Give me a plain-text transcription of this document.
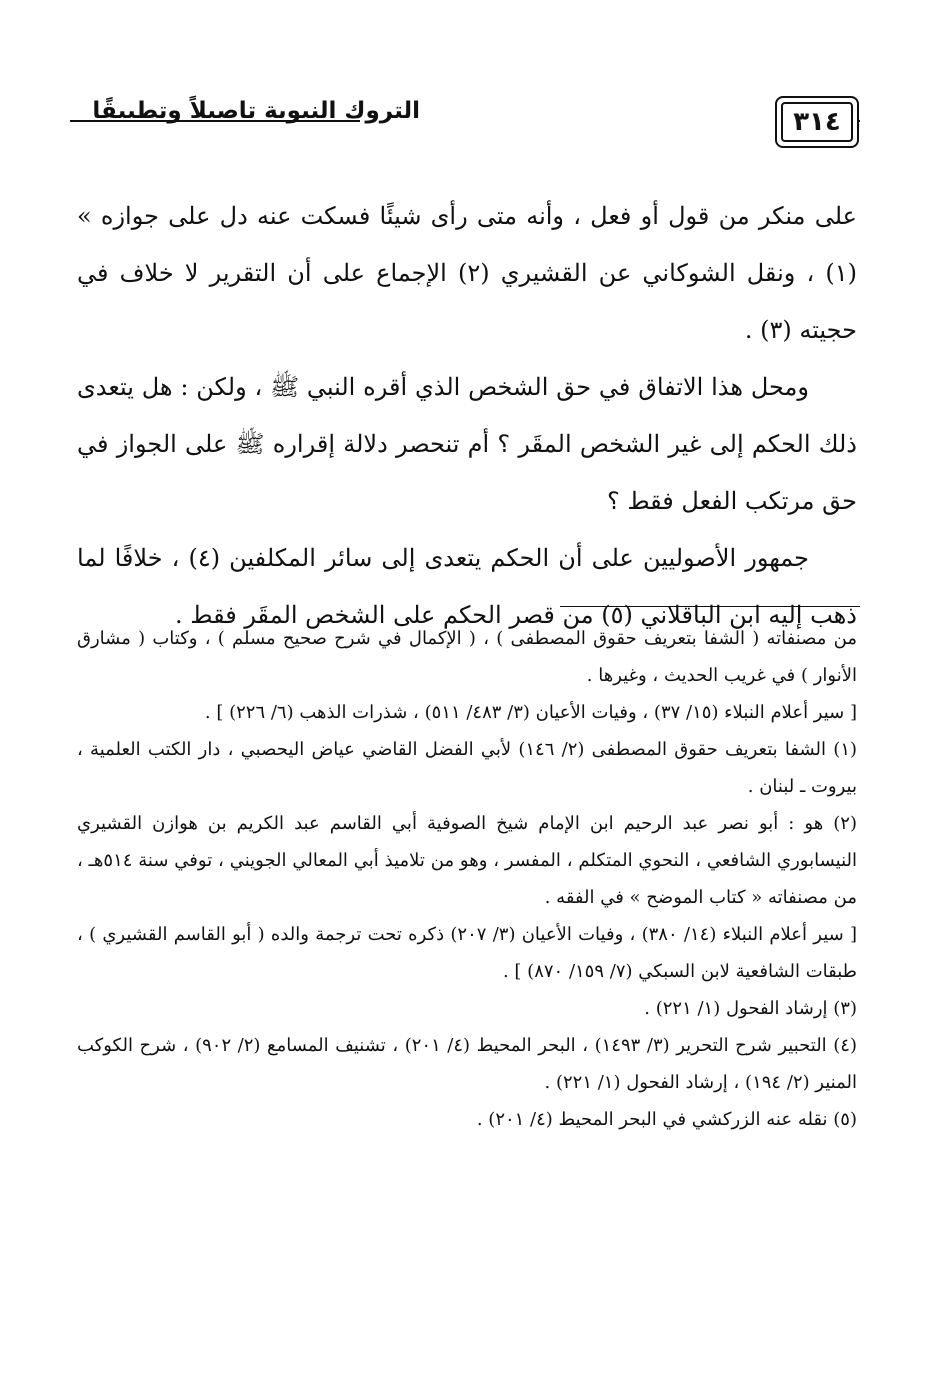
٣١٤
التروك النبوية تاصيلاً وتطبيقًا

على منكر من قول أو فعل ، وأنه متى رأى شيئًا فسكت عنه دل على جوازه » (١) ، ونقل الشوكاني عن القشيري (٢) الإجماع على أن التقرير لا خلاف في حجيته (٣) .

ومحل هذا الاتفاق في حق الشخص الذي أقره النبي ﷺ ، ولكن : هل يتعدى ذلك الحكم إلى غير الشخص المقَر ؟ أم تنحصر دلالة إقراره ﷺ على الجواز في حق مرتكب الفعل فقط ؟

جمهور الأصوليين على أن الحكم يتعدى إلى سائر المكلفين (٤) ، خلافًا لما ذهب إليه ابن الباقلاني (٥) من قصر الحكم على الشخص المقَر فقط .

من مصنفاته ( الشفا بتعريف حقوق المصطفى ) ، ( الإكمال في شرح صحيح مسلم ) ، وكتاب ( مشارق الأنوار ) في غريب الحديث ، وغيرها .

[ سير أعلام النبلاء (١٥/ ٣٧) ، وفيات الأعيان (٣/ ٤٨٣/ ٥١١) ، شذرات الذهب (٦/ ٢٢٦) ] .

(١) الشفا بتعريف حقوق المصطفى (٢/ ١٤٦) لأبي الفضل القاضي عياض اليحصبي ، دار الكتب العلمية ، بيروت ـ لبنان .

(٢) هو : أبو نصر عبد الرحيم ابن الإمام شيخ الصوفية أبي القاسم عبد الكريم بن هوازن القشيري النيسابوري الشافعي ، النحوي المتكلم ، المفسر ، وهو من تلاميذ أبي المعالي الجويني ، توفي سنة ٥١٤هـ ، من مصنفاته « كتاب الموضح » في الفقه .

[ سير أعلام النبلاء (١٤/ ٣٨٠) ، وفيات الأعيان (٣/ ٢٠٧) ذكره تحت ترجمة والده ( أبو القاسم القشيري ) ، طبقات الشافعية لابن السبكي (٧/ ١٥٩/ ٨٧٠) ] .

(٣) إرشاد الفحول (١/ ٢٢١) .

(٤) التحبير شرح التحرير (٣/ ١٤٩٣) ، البحر المحيط (٤/ ٢٠١) ، تشنيف المسامع (٢/ ٩٠٢) ، شرح الكوكب المنير (٢/ ١٩٤) ، إرشاد الفحول (١/ ٢٢١) .

(٥) نقله عنه الزركشي في البحر المحيط (٤/ ٢٠١) .
